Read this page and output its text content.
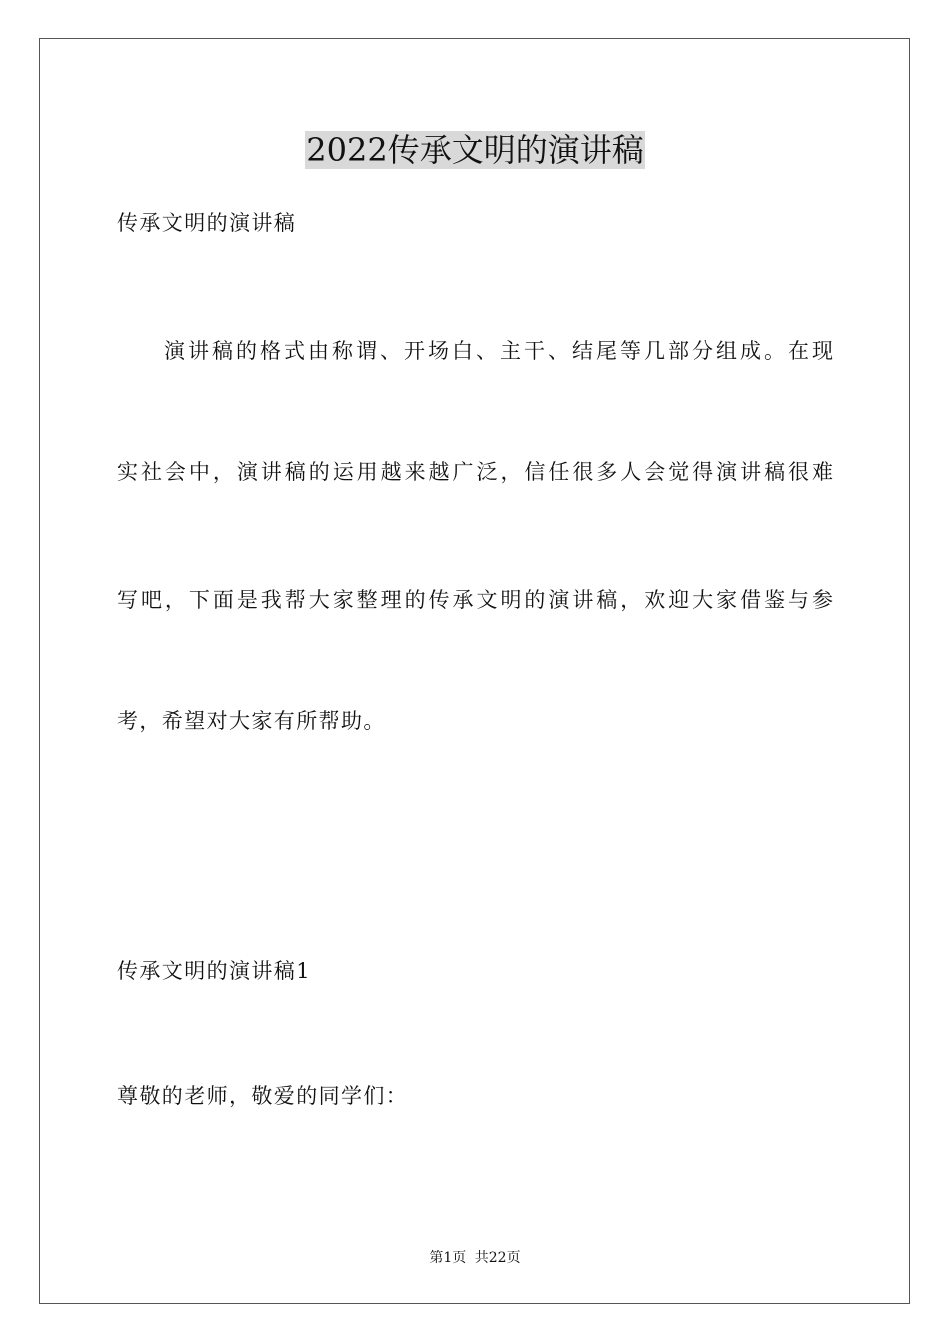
2022传承文明的演讲稿

传承文明的演讲稿

演讲稿的格式由称谓、开场白、主干、结尾等几部分组成。在现

实社会中，演讲稿的运用越来越广泛，信任很多人会觉得演讲稿很难

写吧，下面是我帮大家整理的传承文明的演讲稿，欢迎大家借鉴与参

考，希望对大家有所帮助。

传承文明的演讲稿1

尊敬的老师，敬爱的同学们：

第1页 共22页
